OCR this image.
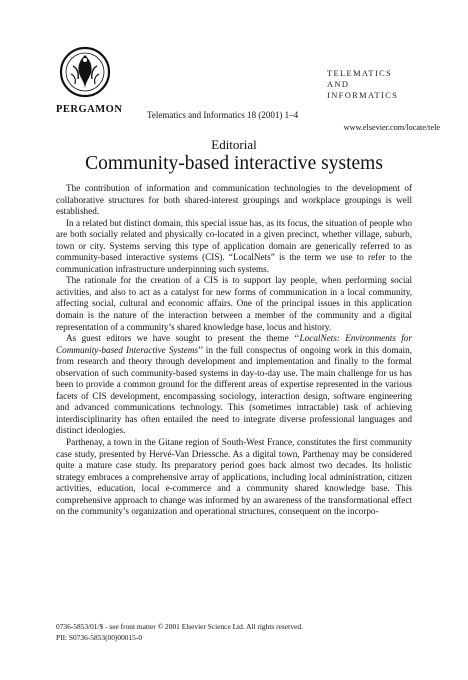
PERGAMON	Telematics and Informatics 18 (2001) 1–4
TELEMATICS
AND
INFORMATICS
www.elsevier.com/locate/tele
Editorial
Community-based interactive systems

The contribution of information and communication technologies to the development of collaborative structures for both shared-interest groupings and workplace groupings is well established.

In a related but distinct domain, this special issue has, as its focus, the situation of people who are both socially related and physically co-located in a given precinct, whether village, suburb, town or city. Systems serving this type of application domain are generically referred to as community-based interactive systems (CIS). “LocalNets” is the term we use to refer to the communication infrastructure underpinning such systems.

The rationale for the creation of a CIS is to support lay people, when performing social activities, and also to act as a catalyst for new forms of communication in a local community, affecting social, cultural and economic affairs. One of the principal issues in this application domain is the nature of the interaction between a member of the community and a digital representation of a community’s shared knowledge base, locus and history.

As guest editors we have sought to present the theme ‘‘LocalNets: Environments for Community-based Interactive Systems’’ in the full conspectus of ongoing work in this domain, from research and theory through development and implementation and finally to the formal observation of such community-based systems in day-to-day use. The main challenge for us has been to provide a common ground for the different areas of expertise represented in the various facets of CIS development, encompassing sociology, interaction design, software engineering and advanced communications technology. This (sometimes intractable) task of achieving interdisciplinarity has often entailed the need to integrate diverse professional languages and distinct ideologies.

Parthenay, a town in the Gitane region of South-West France, constitutes the first community case study, presented by Hervé-Van Driessche. As a digital town, Parthenay may be considered quite a mature case study. Its preparatory period goes back almost two decades. Its holistic strategy embraces a comprehensive array of applications, including local administration, citizen activities, education, local e-commerce and a community shared knowledge base. This comprehensive approach to change was informed by an awareness of the transformational effect on the community’s organization and operational structures, consequent on the incorpo-

0736-5853/01/$ - see front matter © 2001 Elsevier Science Ltd. All rights reserved.
PII: S0736-5853(00)00015-0
